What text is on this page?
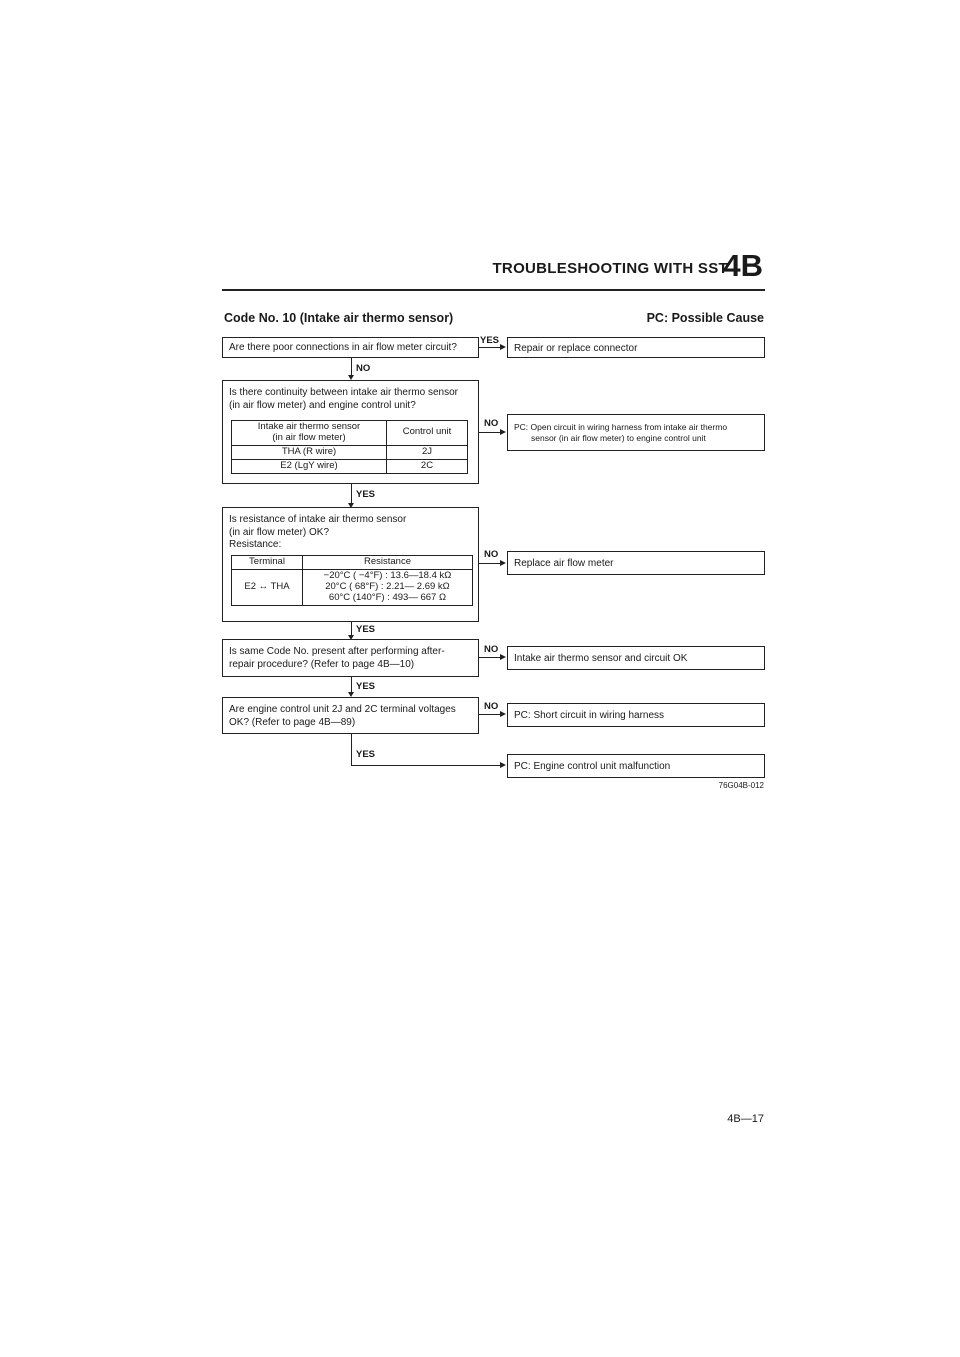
TROUBLESHOOTING WITH SST
4B
Code No. 10 (Intake air thermo sensor)	PC: Possible Cause
Are there poor connections in air flow meter circuit?
YES
Repair or replace connector
NO
Is there continuity between intake air thermo sensor
(in air flow meter) and engine control unit?
Intake air thermo sensor
(in air flow meter)	Control unit
THA (R wire)	2J
E2 (LgY wire)	2C
NO PC: Open circuit in wiring harness from intake air thermo
sensor (in air flow meter) to engine control unit
YES
Is resistance of intake air thermo sensor
(in air flow meter) OK?
Resistance:
Terminal	Resistance
E2 ↔ THA	−20°C ( −4°F) : 13.6—18.4 kΩ
20°C ( 68°F) : 2.21— 2.69 kΩ
60°C (140°F) : 493— 667 Ω
NO
Replace air flow meter
YES
Is same Code No. present after performing after-
repair procedure? (Refer to page 4B—10)
NO
Intake air thermo sensor and circuit OK
YES
Are engine control unit 2J and 2C terminal voltages
OK? (Refer to page 4B—89)
NO
PC: Short circuit in wiring harness
YES
PC: Engine control unit malfunction
76G04B-012
4B—17
